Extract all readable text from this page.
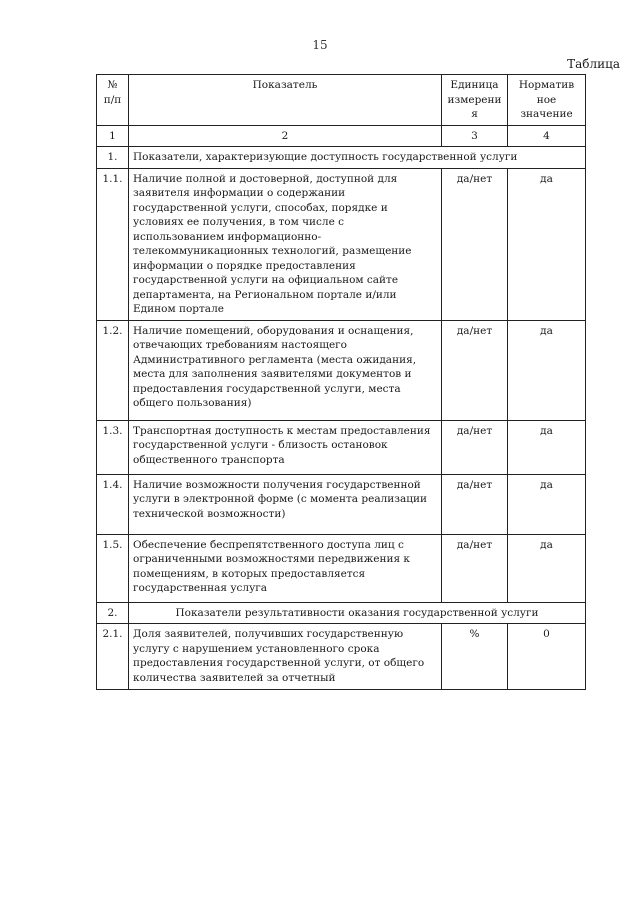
15
Таблица
№ п/п	Показатель	Единица измерения	Норматив ное значение
1	2	3	4
1.	Показатели, характеризующие доступность государственной услуги		
1.1.	Наличие полной и достоверной, доступной для заявителя информации о содержании государственной услуги, способах, порядке и условиях ее получения, в том числе с использованием информационно-телекоммуникационных технологий, размещение информации о порядке предоставления государственной услуги на официальном сайте департамента, на Региональном портале и/или Едином портале	да/нет	да
1.2.	Наличие помещений, оборудования и оснащения, отвечающих требованиям настоящего Административного регламента (места ожидания, места для заполнения заявителями документов и предоставления государственной услуги, места общего пользования)	да/нет	да
1.3.	Транспортная доступность к местам предоставления государственной услуги - близость остановок общественного транспорта	да/нет	да
1.4.	Наличие возможности получения государственной услуги в электронной форме (с момента реализации технической возможности)	да/нет	да
1.5.	Обеспечение беспрепятственного доступа лиц с ограниченными возможностями передвижения к помещениям, в которых предоставляется государственная услуга	да/нет	да
2.	Показатели результативности оказания государственной услуги		
2.1.	Доля заявителей, получивших государственную услугу с нарушением установленного срока предоставления государственной услуги, от общего количества заявителей за отчетный	%	0
